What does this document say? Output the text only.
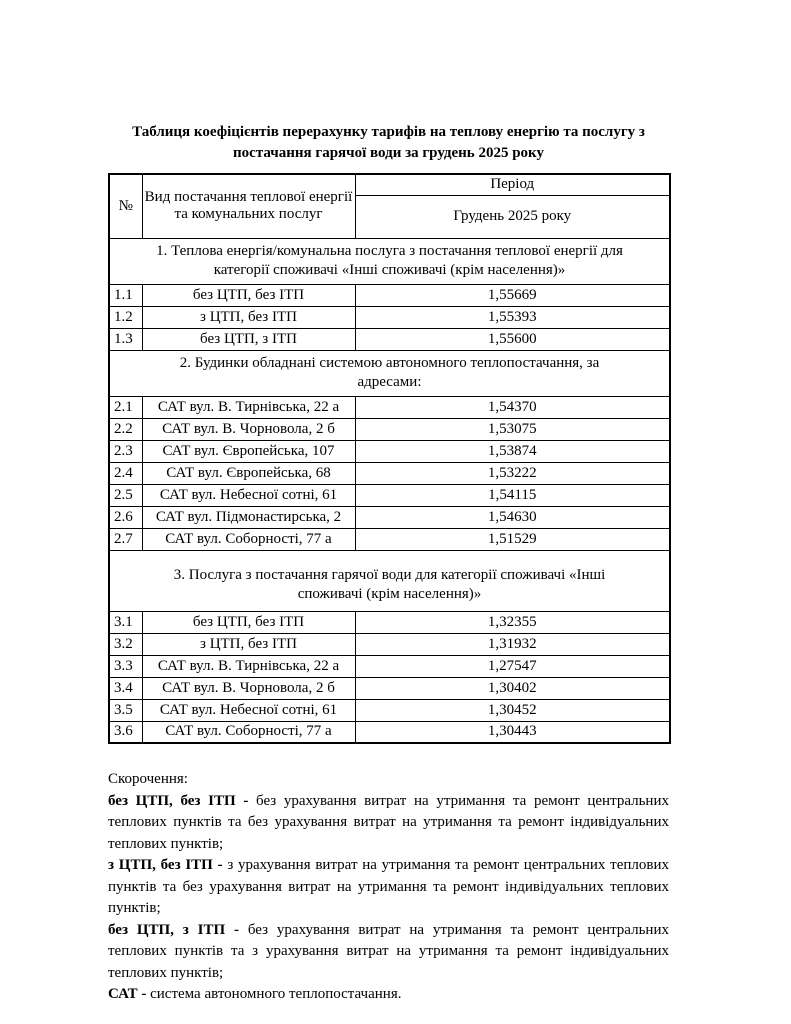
Таблиця коефіцієнтів перерахунку тарифів на теплову енергію та послугу з
постачання гарячої води за грудень 2025 року
№	Вид постачання теплової енергії та комунальних послуг	Період
		Грудень 2025 року
1. Теплова енергія/комунальна послуга з постачання теплової енергії для категорії споживачі «Інші споживачі (крім населення)»		
1.1	без ЦТП, без ІТП	1,55669
1.2	з ЦТП, без ІТП	1,55393
1.3	без ЦТП, з ІТП	1,55600
2. Будинки обладнані системою автономного теплопостачання, за адресами:		
2.1	САТ вул. В. Тирнівська, 22 а	1,54370
2.2	САТ вул. В. Чорновола, 2 б	1,53075
2.3	САТ вул. Європейська, 107	1,53874
2.4	САТ вул. Європейська, 68	1,53222
2.5	САТ вул. Небесної сотні, 61	1,54115
2.6	САТ вул. Підмонастирська, 2	1,54630
2.7	САТ вул. Соборності, 77 а	1,51529
3. Послуга з постачання гарячої води для категорії споживачі «Інші споживачі (крім населення)»		
3.1	без ЦТП, без ІТП	1,32355
3.2	з ЦТП, без ІТП	1,31932
3.3	САТ вул. В. Тирнівська, 22 а	1,27547
3.4	САТ вул. В. Чорновола, 2 б	1,30402
3.5	САТ вул. Небесної сотні, 61	1,30452
3.6	САТ вул. Соборності, 77 а	1,30443

Скорочення:

без ЦТП, без ІТП - без урахування витрат на утримання та ремонт центральних теплових пунктів та без урахування витрат на утримання та ремонт індивідуальних теплових пунктів;

з ЦТП, без ІТП - з урахування витрат на утримання та ремонт центральних теплових пунктів та без урахування витрат на утримання та ремонт індивідуальних теплових пунктів;

без ЦТП, з ІТП - без урахування витрат на утримання та ремонт центральних теплових пунктів та з урахування витрат на утримання та ремонт індивідуальних теплових пунктів;

САТ - система автономного теплопостачання.
